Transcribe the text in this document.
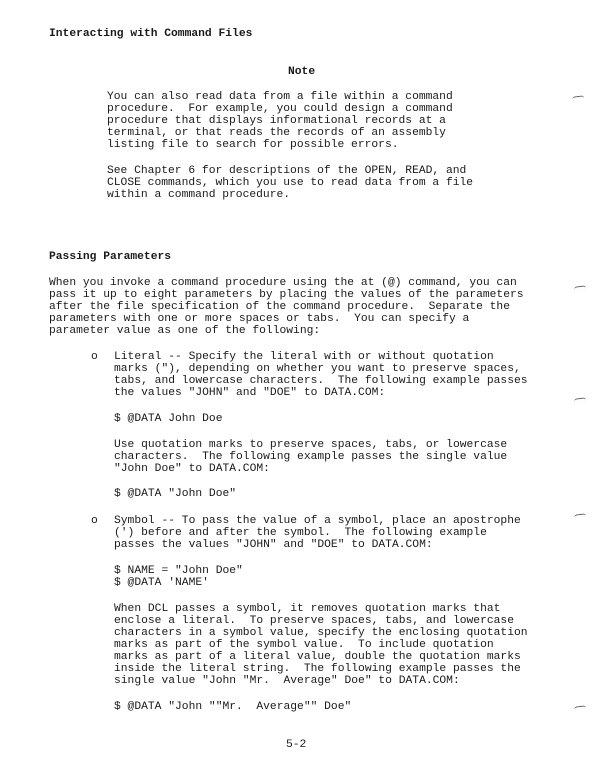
Interacting with Command Files
Note
You can also read data from a file within a command
procedure.  For example, you could design a command
procedure that displays informational records at a
terminal, or that reads the records of an assembly
listing file to search for possible errors.
See Chapter 6 for descriptions of the OPEN, READ, and
CLOSE commands, which you use to read data from a file
within a command procedure.
Passing Parameters
When you invoke a command procedure using the at (@) command, you can
pass it up to eight parameters by placing the values of the parameters
after the file specification of the command procedure.  Separate the
parameters with one or more spaces or tabs.  You can specify a
parameter value as one of the following:
o Literal -- Specify the literal with or without quotation
marks ("), depending on whether you want to preserve spaces,
tabs, and lowercase characters.  The following example passes
the values "JOHN" and "DOE" to DATA.COM:
$ @DATA John Doe
Use quotation marks to preserve spaces, tabs, or lowercase
characters.  The following example passes the single value
"John Doe" to DATA.COM:
$ @DATA "John Doe"
o Symbol -- To pass the value of a symbol, place an apostrophe
(') before and after the symbol.  The following example
passes the values "JOHN" and "DOE" to DATA.COM:
$ NAME = "John Doe"
$ @DATA 'NAME'
When DCL passes a symbol, it removes quotation marks that
enclose a literal.  To preserve spaces, tabs, and lowercase
characters in a symbol value, specify the enclosing quotation
marks as part of the symbol value.  To include quotation
marks as part of a literal value, double the quotation marks
inside the literal string.  The following example passes the
single value "John "Mr.  Average" Doe" to DATA.COM:
$ @DATA "John ""Mr.  Average"" Doe"
5-2
